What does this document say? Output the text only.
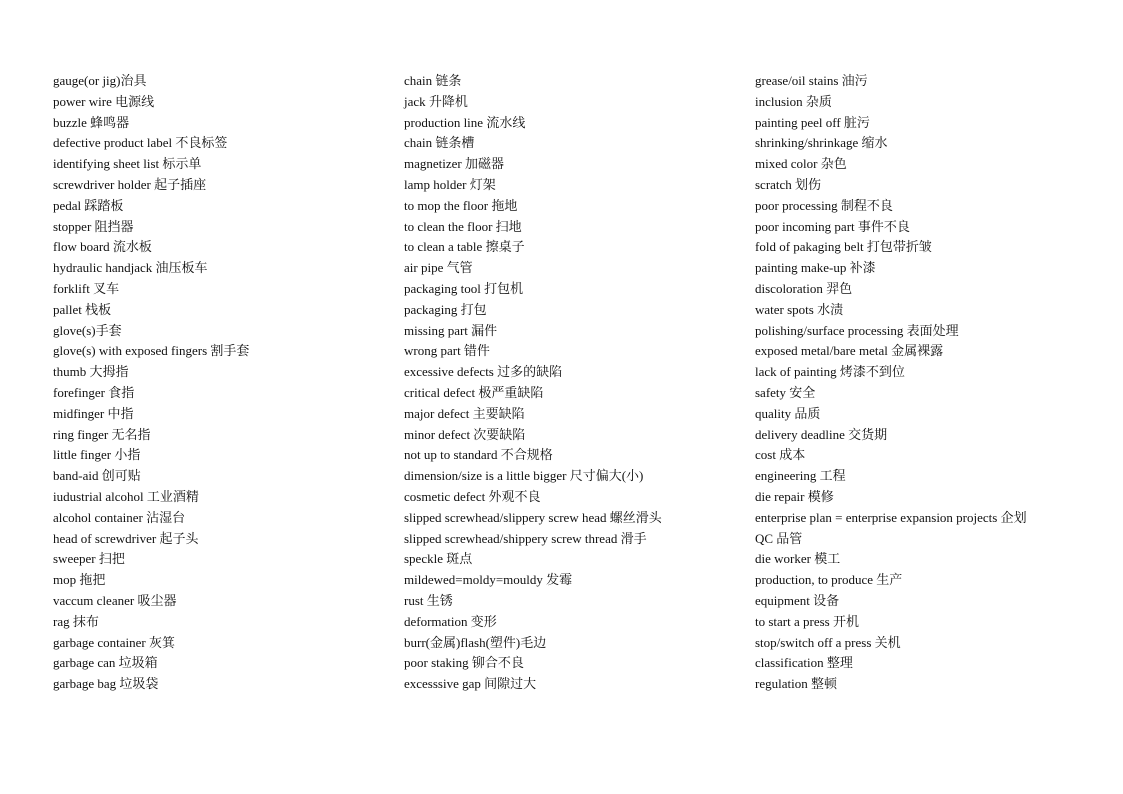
gauge(or jig)治具
power wire 电源线
buzzle 蜂鸣器
defective product label 不良标签
identifying sheet list 标示单
screwdriver holder 起子插座
pedal 踩踏板
stopper 阻挡器
flow board 流水板
hydraulic handjack 油压板车
forklift 叉车
pallet 栈板
glove(s)手套
glove(s) with exposed fingers 割手套
thumb 大拇指
forefinger 食指
midfinger 中指
ring finger 无名指
little finger 小指
band-aid 创可贴
iudustrial alcohol 工业酒精
alcohol container 沾湿台
head of screwdriver 起子头
sweeper 扫把
mop 拖把
vaccum cleaner 吸尘器
rag 抹布
garbage container 灰箕
garbage can 垃圾箱
garbage bag 垃圾袋
chain 链条
jack 升降机
production line 流水线
chain 链条槽
magnetizer 加磁器
lamp holder 灯架
to mop the floor 拖地
to clean the floor 扫地
to clean a table 擦桌子
air pipe 气管
packaging tool 打包机
packaging 打包
missing part 漏件
wrong part 错件
excessive defects 过多的缺陷
critical defect 极严重缺陷
major defect 主要缺陷
minor defect 次要缺陷
not up to standard 不合规格
dimension/size is a little bigger 尺寸偏大(小)
cosmetic defect 外观不良
slipped screwhead/slippery screw head 螺丝滑头
slipped screwhead/shippery screw thread 滑手
speckle 斑点
mildewed=moldy=mouldy 发霉
rust 生锈
deformation 变形
burr(金属)flash(塑件)毛边
poor staking 铆合不良
excesssive gap 间隙过大
grease/oil stains 油污
inclusion 杂质
painting peel off 脏污
shrinking/shrinkage 缩水
mixed color 杂色
scratch 划伤
poor processing 制程不良
poor incoming part 事件不良
fold of pakaging belt 打包带折皱
painting make-up 补漆
discoloration 羿色
water spots 水渍
polishing/surface processing 表面处理
exposed metal/bare metal 金属裸露
lack of painting 烤漆不到位
safety 安全
quality 品质
delivery deadline 交货期
cost 成本
engineering 工程
die repair 模修
enterprise plan = enterprise expansion projects 企划
QC 品管
die worker 模工
production, to produce 生产
equipment 设备
to start a press 开机
stop/switch off a press 关机
classification 整理
regulation 整顿
